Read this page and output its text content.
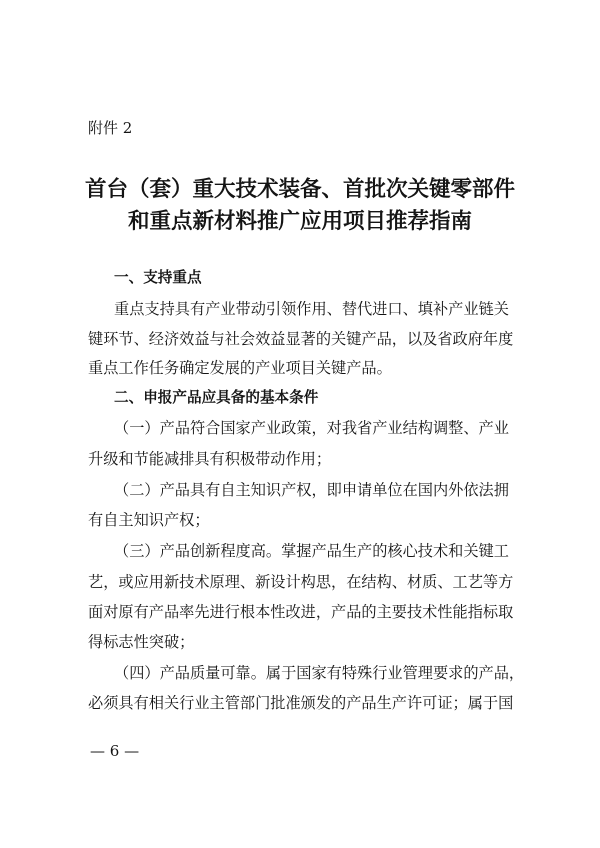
附件 2
首台（套）重大技术装备、首批次关键零部件
和重点新材料推广应用项目推荐指南
一、支持重点
重点支持具有产业带动引领作用、替代进口、填补产业链关
键环节、经济效益与社会效益显著的关键产品，以及省政府年度
重点工作任务确定发展的产业项目关键产品。
二、申报产品应具备的基本条件
（一）产品符合国家产业政策，对我省产业结构调整、产业
升级和节能减排具有积极带动作用；
（二）产品具有自主知识产权，即申请单位在国内外依法拥
有自主知识产权；
（三）产品创新程度高。掌握产品生产的核心技术和关键工
艺，或应用新技术原理、新设计构思，在结构、材质、工艺等方
面对原有产品率先进行根本性改进，产品的主要技术性能指标取
得标志性突破；
（四）产品质量可靠。属于国家有特殊行业管理要求的产品，
必须具有相关行业主管部门批准颁发的产品生产许可证；属于国
— 6 —
